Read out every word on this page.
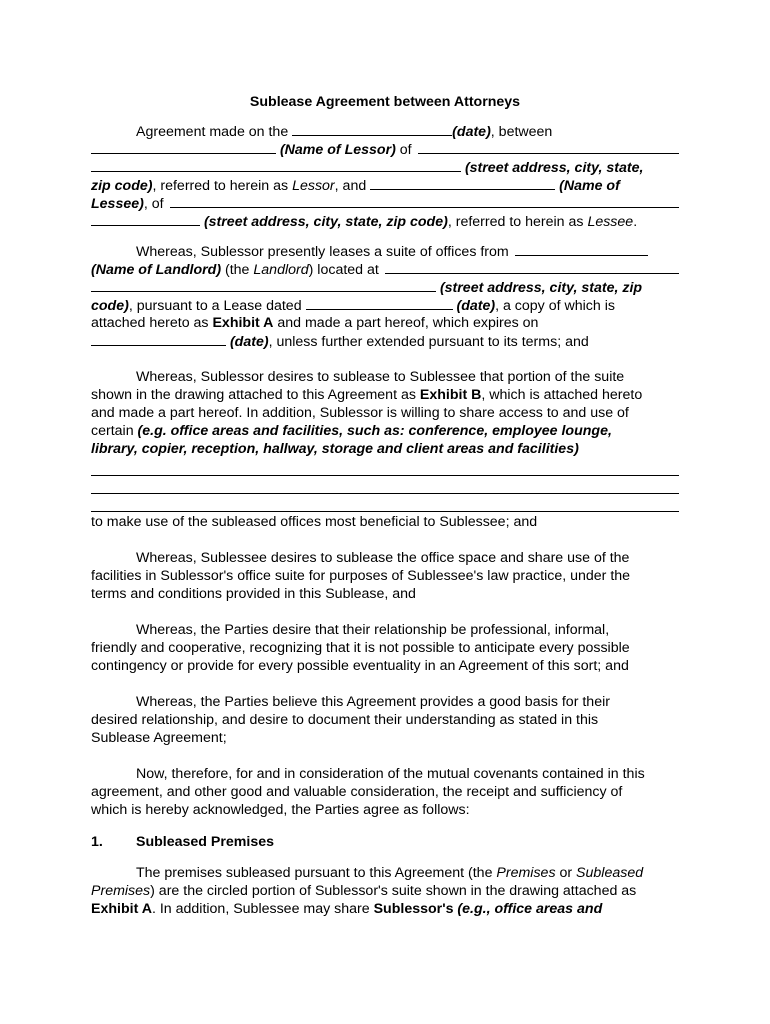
Sublease Agreement between Attorneys
Agreement made on the	(date) , between
(Name of Lessor) of
(street address, city, state,
zip code), referred to herein as Lessor, and	(Name of
Lessee) , of
(street address, city, state, zip code) , referred to herein as Lessee .
Whereas, Sublessor presently leases a suite of offices from
(Name of Landlord) (the Landlord ) located at
(street address, city, state, zip
code) , pursuant to a Lease dated	(date) , a copy of which is
attached hereto as Exhibit A and made a part hereof, which expires on
(date) , unless further extended pursuant to its terms; and
Whereas, Sublessor desires to sublease to Sublessee that portion of the suite
shown in the drawing attached to this Agreement as Exhibit B , which is attached hereto
and made a part hereof. In addition, Sublessor is willing to share access to and use of
certain (e.g. office areas and facilities, such as: conference, employee lounge,
library, copier, reception, hallway, storage and client areas and facilities)
to make use of the subleased offices most beneficial to Sublessee; and
Whereas, Sublessee desires to sublease the office space and share use of the
facilities in Sublessor's office suite for purposes of Sublessee's law practice, under the
terms and conditions provided in this Sublease, and
Whereas, the Parties desire that their relationship be professional, informal,
friendly and cooperative, recognizing that it is not possible to anticipate every possible
contingency or provide for every possible eventuality in an Agreement of this sort; and
Whereas, the Parties believe this Agreement provides a good basis for their
desired relationship, and desire to document their understanding as stated in this
Sublease Agreement;
Now, therefore, for and in consideration of the mutual covenants contained in this
agreement, and other good and valuable consideration, the receipt and sufficiency of
which is hereby acknowledged, the Parties agree as follows:
1.	Subleased Premises
The premises subleased pursuant to this Agreement (the Premises or Subleased
Premises ) are the circled portion of Sublessor's suite shown in the drawing attached as
Exhibit A . In addition, Sublessee may share Sublessor's (e.g., office areas and
